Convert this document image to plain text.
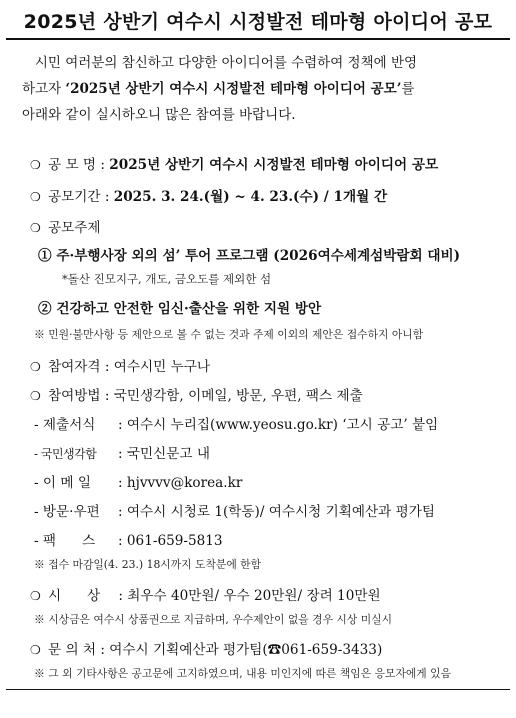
2025년 상반기 여수시 시정발전 테마형 아이디어 공모

시민 여러분의 참신하고 다양한 아이디어를 수렴하여 정책에 반영

하고자 ‘2025년 상반기 여수시 시정발전 테마형 아이디어 공모’를

아래와 같이 실시하오니 많은 참여를 바랍니다.

❍ 공 모 명 : 2025년 상반기 여수시 시정발전 테마형 아이디어 공모
❍ 공모기간 : 2025. 3. 24.(월) ~ 4. 23.(수) / 1개월 간
❍ 공모주제
① 주·부행사장 외의 섬’ 투어 프로그램 (2026여수세계섬박람회 대비)
*돌산 진모지구, 개도, 금오도를 제외한 섬
② 건강하고 안전한 임신·출산을 위한 지원 방안
※ 민원·불만사항 등 제안으로 볼 수 없는 것과 주제 이외의 제안은 접수하지 아니함
❍ 참여자격 : 여수시민 누구나
❍ 참여방법 : 국민생각함, 이메일, 방문, 우편, 팩스 제출
- 제출서식 : 여수시 누리집(www.yeosu.go.kr) ‘고시 공고’ 붙임
- 국민생각함 : 국민신문고 내
- 이 메 일 : hjvvvv@korea.kr
- 방문·우편 : 여수시 시청로 1(학동)/ 여수시청 기획예산과 평가팀
- 팩      스 : 061-659-5813
※ 접수 마감일(4. 23.) 18시까지 도착분에 한함
❍ 시      상 : 최우수 40만원/ 우수 20만원/ 장려 10만원
※ 시상금은 여수시 상품권으로 지급하며, 우수제안이 없을 경우 시상 미실시
❍ 문 의 처 : 여수시 기획예산과 평가팀(☎061-659-3433)
※ 그 외 기타사항은 공고문에 고지하였으며, 내용 미인지에 따른 책임은 응모자에게 있음
